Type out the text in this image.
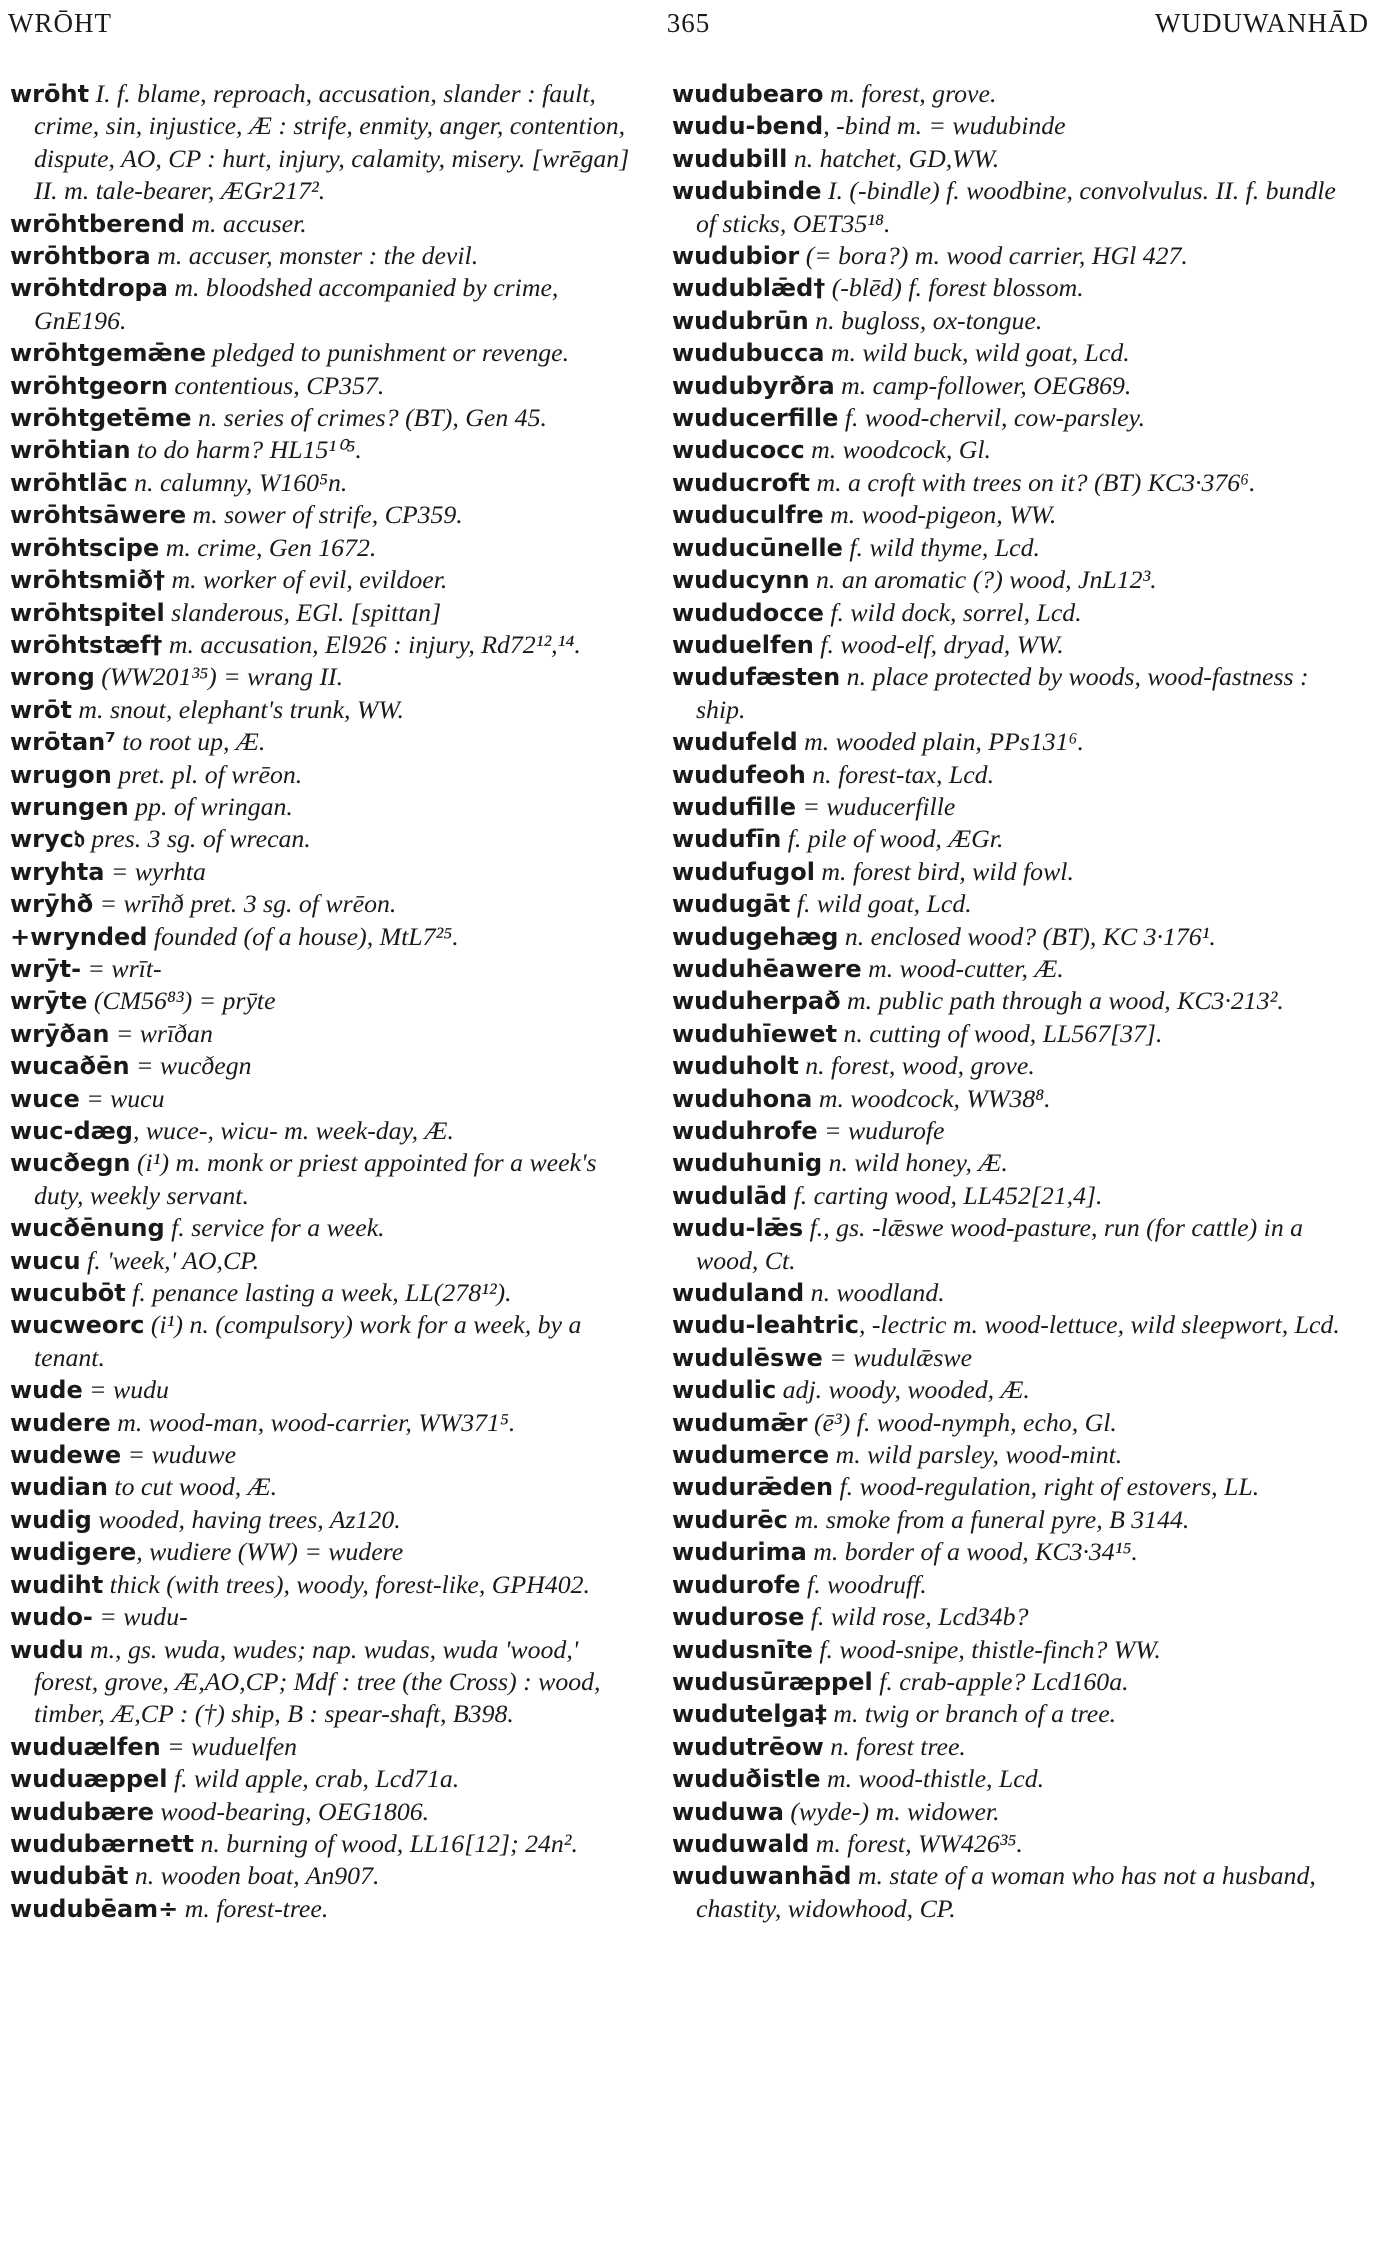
WRŌHT	365	WUDUWANHĀD

wrōht I. f. blame, reproach, accusation, slander : fault, crime, sin, injustice, Æ : strife, enmity, anger, contention, dispute, AO, CP : hurt, injury, calamity, misery. [wrēgan] II. m. tale-bearer, ÆGr217².

wrōhtberend m. accuser.

wrōhtbora m. accuser, monster : the devil.

wrōhtdropa m. bloodshed accompanied by crime, GnE196.

wrōhtgemǣne pledged to punishment or revenge.

wrōhtgeorn contentious, CP357.

wrōhtgetēme n. series of crimes? (BT), Gen 45.

wrōhtian to do harm? HL15¹⁰⁵.

wrōhtlāc n. calumny, W160⁵n.

wrōhtsāwere m. sower of strife, CP359.

wrōhtscipe m. crime, Gen 1672.

wrōhtsmið† m. worker of evil, evildoer.

wrōhtspitel slanderous, EGl. [spittan]

wrōhtstæf† m. accusation, El926 : injury, Rd72¹²,¹⁴.

wrong (WW201³⁵) = wrang II.

wrōt m. snout, elephant's trunk, WW.

wrōtan⁷ to root up, Æ.

wrugon pret. pl. of wrēon.

wrungen pp. of wringan.

wryc𝔡 pres. 3 sg. of wrecan.

wryhta = wyrhta

wrȳhð = wrīhð pret. 3 sg. of wrēon.

+wrynded founded (of a house), MtL7²⁵.

wrȳt- = wrīt-

wrȳte (CM56⁸³) = prȳte

wrȳðan = wrīðan

wucaðēn = wucðegn

wuce = wucu

wuc-dæg, wuce-, wicu- m. week-day, Æ.

wucðegn (i¹) m. monk or priest appointed for a week's duty, weekly servant.

wucðēnung f. service for a week.

wucu f. 'week,' AO,CP.

wucubōt f. penance lasting a week, LL(278¹²).

wucweorc (i¹) n. (compulsory) work for a week, by a tenant.

wude = wudu

wudere m. wood-man, wood-carrier, WW371⁵.

wudewe = wuduwe

wudian to cut wood, Æ.

wudig wooded, having trees, Az120.

wudigere, wudiere (WW) = wudere

wudiht thick (with trees), woody, forest-like, GPH402.

wudo- = wudu-

wudu m., gs. wuda, wudes; nap. wudas, wuda 'wood,' forest, grove, Æ,AO,CP; Mdf : tree (the Cross) : wood, timber, Æ,CP : (†) ship, B : spear-shaft, B398.

wuduælfen = wuduelfen

wuduæppel f. wild apple, crab, Lcd71a.

wudubære wood-bearing, OEG1806.

wudubærnett n. burning of wood, LL16[12]; 24n².

wudubāt n. wooden boat, An907.

wudubēam÷ m. forest-tree.

wudubearo m. forest, grove.

wudu-bend, -bind m. = wudubinde

wudubill n. hatchet, GD,WW.

wudubinde I. (-bindle) f. woodbine, convolvulus. II. f. bundle of sticks, OET35¹⁸.

wudubior (= bora?) m. wood carrier, HGl 427.

wudublǣd† (-blēd) f. forest blossom.

wudubrūn n. bugloss, ox-tongue.

wudubucca m. wild buck, wild goat, Lcd.

wudubyrðra m. camp-follower, OEG869.

wuducerfille f. wood-chervil, cow-parsley.

wuducocc m. woodcock, Gl.

wuducroft m. a croft with trees on it? (BT) KC3·376⁶.

wuduculfre m. wood-pigeon, WW.

wuducūnelle f. wild thyme, Lcd.

wuducynn n. an aromatic (?) wood, JnL12³.

wududocce f. wild dock, sorrel, Lcd.

wuduelfen f. wood-elf, dryad, WW.

wudufæsten n. place protected by woods, wood-fastness : ship.

wudufeld m. wooded plain, PPs131⁶.

wudufeoh n. forest-tax, Lcd.

wudufille = wuducerfille

wudufīn f. pile of wood, ÆGr.

wudufugol m. forest bird, wild fowl.

wudugāt f. wild goat, Lcd.

wudugehæg n. enclosed wood? (BT), KC 3·176¹.

wuduhēawere m. wood-cutter, Æ.

wuduherpað m. public path through a wood, KC3·213².

wuduhīewet n. cutting of wood, LL567[37].

wuduholt n. forest, wood, grove.

wuduhona m. woodcock, WW38⁸.

wuduhrofe = wudurofe

wuduhunig n. wild honey, Æ.

wudulād f. carting wood, LL452[21,4].

wudu-lǣs f., gs. -lǣswe wood-pasture, run (for cattle) in a wood, Ct.

wuduland n. woodland.

wudu-leahtric, -lectric m. wood-lettuce, wild sleepwort, Lcd.

wudulēswe = wudulǣswe

wudulic adj. woody, wooded, Æ.

wudumǣr (ē³) f. wood-nymph, echo, Gl.

wudumerce m. wild parsley, wood-mint.

wudurǣden f. wood-regulation, right of estovers, LL.

wudurēc m. smoke from a funeral pyre, B 3144.

wudurima m. border of a wood, KC3·34¹⁵.

wudurofe f. woodruff.

wudurose f. wild rose, Lcd34b?

wudusnīte f. wood-snipe, thistle-finch? WW.

wudusūræppel f. crab-apple? Lcd160a.

wudutelga‡ m. twig or branch of a tree.

wudutrēow n. forest tree.

wuduðistle m. wood-thistle, Lcd.

wuduwa (wyde-) m. widower.

wuduwald m. forest, WW426³⁵.

wuduwanhād m. state of a woman who has not a husband, chastity, widowhood, CP.
